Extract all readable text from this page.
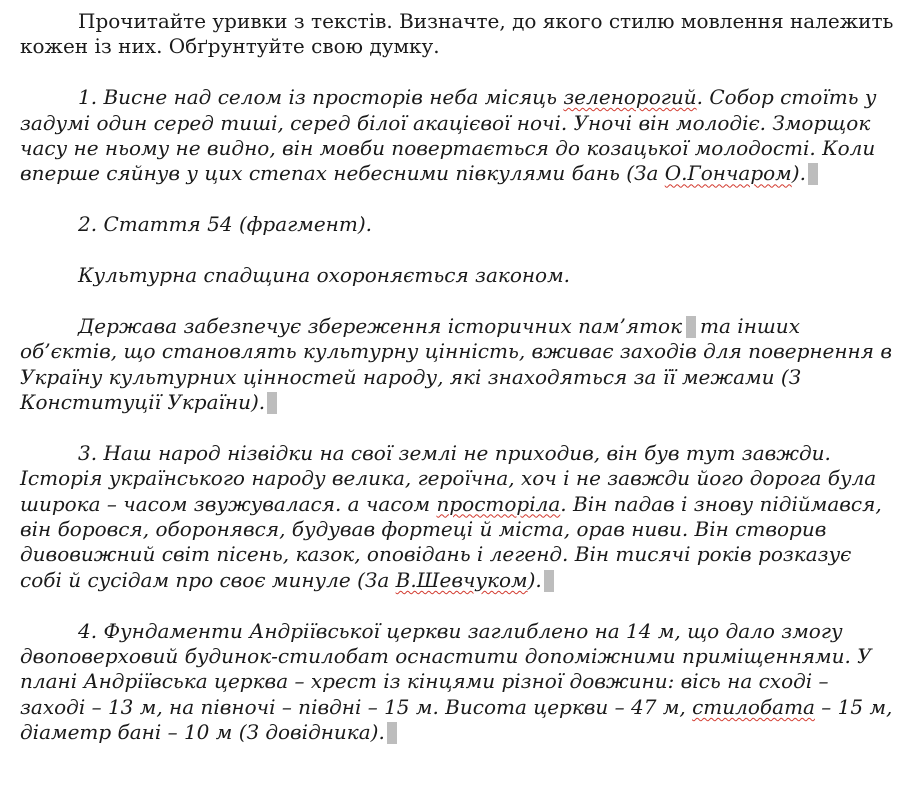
Прочитайте уривки з текстів. Визначте, до якого стилю мовлення належить кожен із них. Обґрунтуйте свою думку.

1. Висне над селом із просторів неба місяць зеленорогий. Собор стоїть у задумі один серед тиші, серед білої акацієвої ночі. Уночі він молодіє. Зморщок часу не ньому не видно, він мовби повертається до козацької молодості. Коли вперше сяйнув у цих степах небесними півкулями бань (За О.Гончаром).

2. Стаття 54 (фрагмент).

Культурна спадщина охороняється законом.

Держава забезпечує збереження історичних пам’яток та інших об’єктів, що становлять культурну цінність, вживає заходів для повернення в Україну культурних цінностей народу, які знаходяться за її межами (З Конституції України).

3. Наш народ нізвідки на свої землі не приходив, він був тут завжди. Історія українського народу велика, героїчна, хоч і не завжди його дорога була широка – часом звужувалася. а часом просторіла. Він падав і знову підіймався, він боровся, оборонявся, будував фортеці й міста, орав ниви. Він створив дивовижний світ пісень, казок, оповідань і легенд. Він тисячі років розказує собі й сусідам про своє минуле (За В.Шевчуком).

4. Фундаменти Андріївської церкви заглиблено на 14 м, що дало змогу двоповерховий будинок-стилобат оснастити допоміжними приміщеннями. У плані Андріївська церква – хрест із кінцями різної довжини: вісь на сході – заході – 13 м, на півночі – півдні – 15 м. Висота церкви – 47 м, стилобата – 15 м, діаметр бані – 10 м (З довідника).
